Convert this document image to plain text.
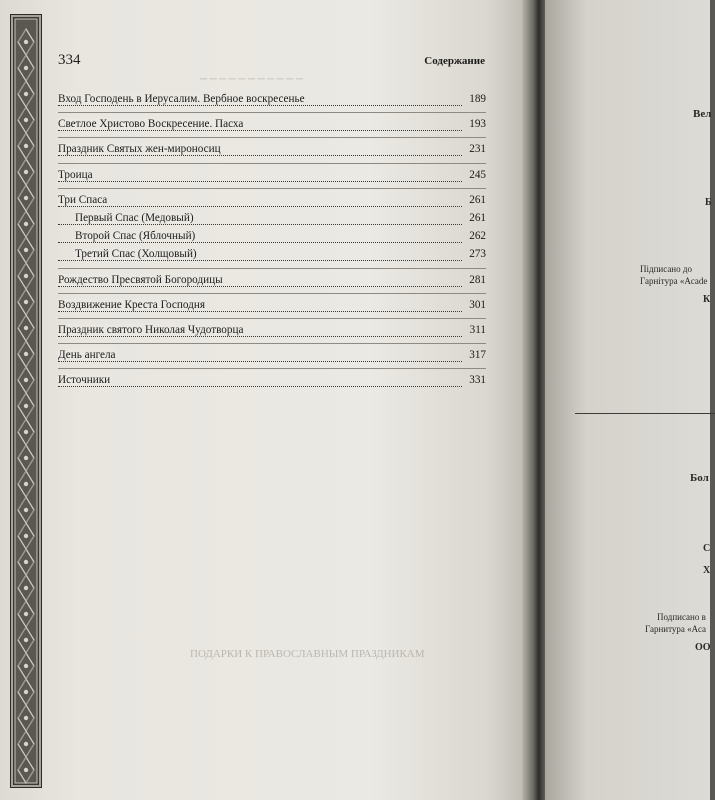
─ ─ ─ ─ ─ ─ ─ ─ ─ ─ ─
ПОДАРКИ К ПРАВОСЛАВНЫМ ПРАЗДНИКАМ
334	Содержание
Вход Господень в Иерусалим. Вербное воскресенье	189
Светлое Христово Воскресение. Пасха	193
Праздник Святых жен-мироносиц	231
Троица	245
Три Спаса	261
Первый Спас (Медовый)	261
Второй Спас (Яблочный)	262
Третий Спас (Холщовый)	273
Рождество Пресвятой Богородицы	281
Воздвижение Креста Господня	301
Праздник святого Николая Чудотворца	311
День ангела	317
Источники	331
Вел
Б
Підписано до
Гарнітура «Acade
К
Бол
С
Х
Подписано в
Гарнитура «Аса
ОО
